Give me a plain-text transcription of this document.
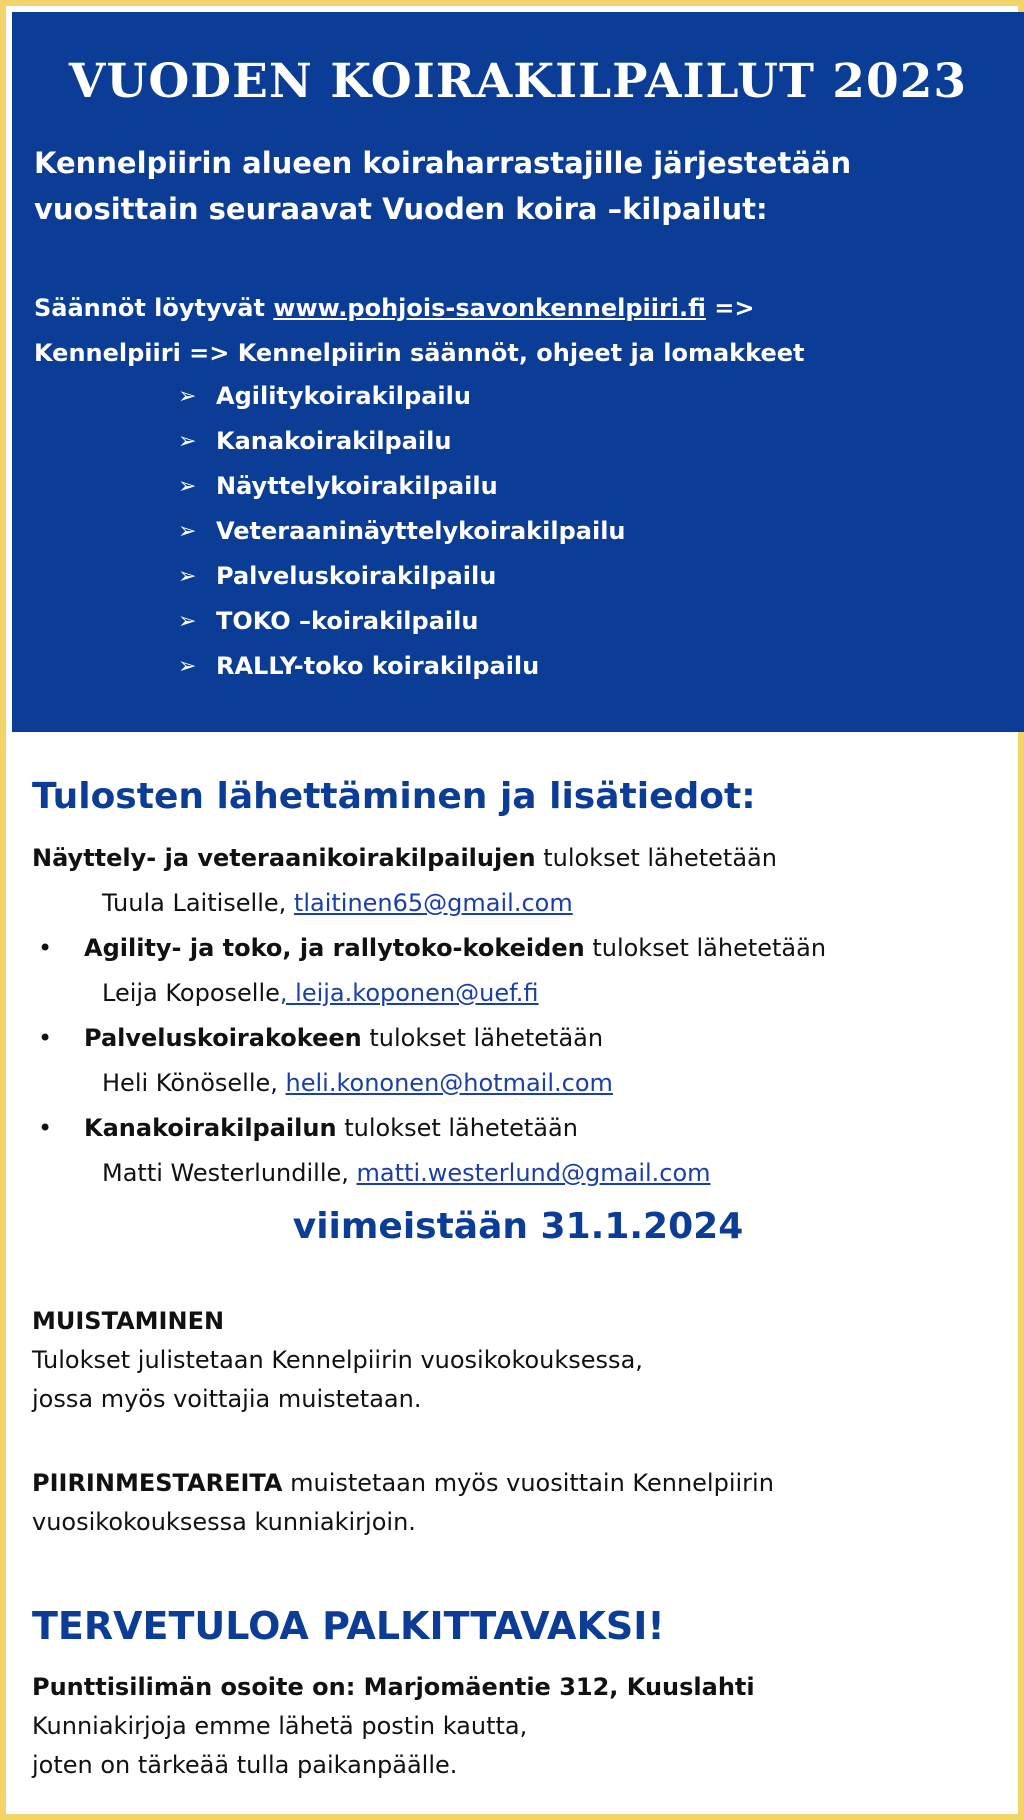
VUODEN KOIRAKILPAILUT 2023
Kennelpiirin alueen koiraharrastajille järjestetään
vuosittain seuraavat Vuoden koira –kilpailut:
Säännöt löytyvät www.pohjois-savonkennelpiiri.fi =>
Kennelpiiri => Kennelpiirin säännöt, ohjeet ja lomakkeet
➢ Agilitykoirakilpailu
➢ Kanakoirakilpailu
➢ Näyttelykoirakilpailu
➢ Veteraaninäyttelykoirakilpailu
➢ Palveluskoirakilpailu
➢ TOKO –koirakilpailu
➢ RALLY-toko koirakilpailu
Tulosten lähettäminen ja lisätiedot:
Näyttely- ja veteraanikoirakilpailujen tulokset lähetetään
Tuula Laitiselle, tlaitinen65@gmail.com
•	Agility- ja toko, ja rallytoko-kokeiden tulokset lähetetään
Leija Koposelle, leija.koponen@uef.fi
•	Palveluskoirakokeen tulokset lähetetään
Heli Könöselle, heli.kononen@hotmail.com
•	Kanakoirakilpailun tulokset lähetetään
Matti Westerlundille, matti.westerlund@gmail.com
viimeistään 31.1.2024
MUISTAMINEN
Tulokset julistetaan Kennelpiirin vuosikokouksessa,
jossa myös voittajia muistetaan.
PIIRINMESTAREITA muistetaan myös vuosittain Kennelpiirin
vuosikokouksessa kunniakirjoin.
TERVETULOA PALKITTAVAKSI!
Punttisilimän osoite on: Marjomäentie 312, Kuuslahti
Kunniakirjoja emme lähetä postin kautta,
joten on tärkeää tulla paikanpäälle.
